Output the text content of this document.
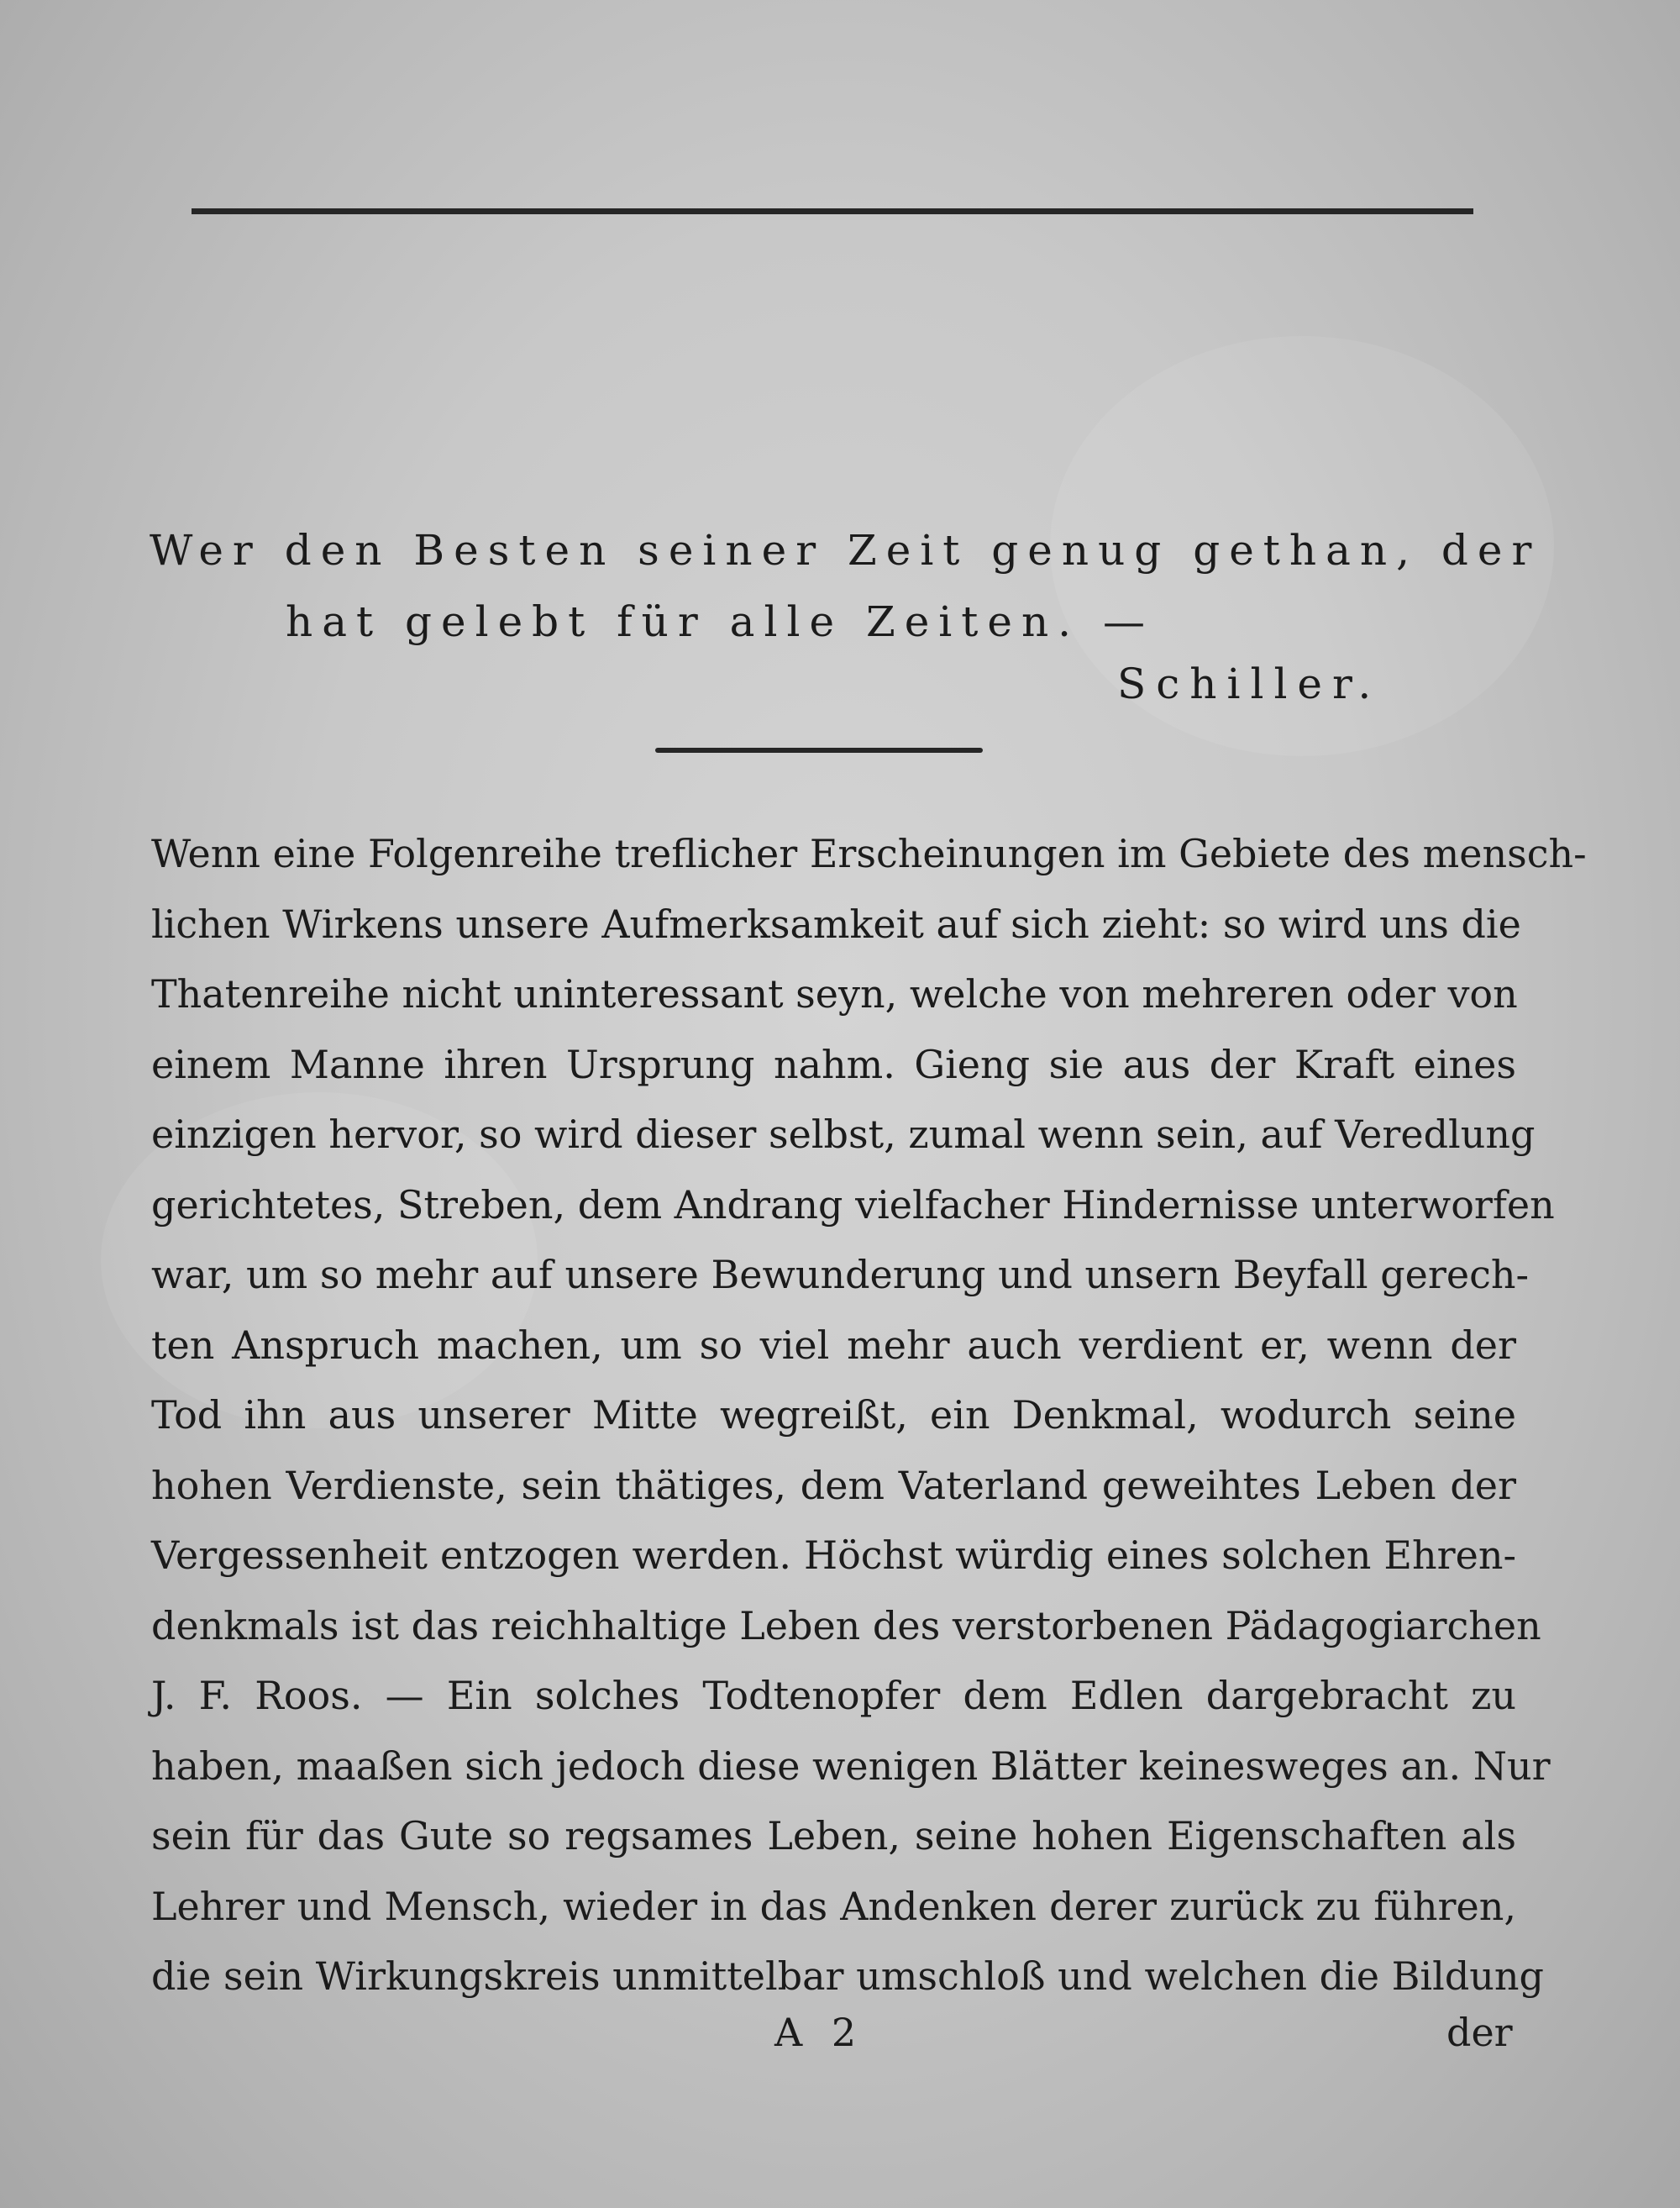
Wer den Besten seiner Zeit genug gethan, der
hat gelebt für alle Zeiten. —
Schiller.
Wenn eine Folgenreihe treflicher Erscheinungen im Gebiete des mensch-
lichen Wirkens unsere Aufmerksamkeit auf sich zieht: so wird uns die
Thatenreihe nicht uninteressant seyn, welche von mehreren oder von
einem Manne ihren Ursprung nahm. Gieng sie aus der Kraft eines
einzigen hervor, so wird dieser selbst, zumal wenn sein, auf Veredlung
gerichtetes, Streben, dem Andrang vielfacher Hindernisse unterworfen
war, um so mehr auf unsere Bewunderung und unsern Beyfall gerech-
ten Anspruch machen, um so viel mehr auch verdient er, wenn der
Tod ihn aus unserer Mitte wegreißt, ein Denkmal, wodurch seine
hohen Verdienste, sein thätiges, dem Vaterland geweihtes Leben der
Vergessenheit entzogen werden. Höchst würdig eines solchen Ehren-
denkmals ist das reichhaltige Leben des verstorbenen Pädagogiarchen
J. F. Roos. — Ein solches Todtenopfer dem Edlen dargebracht zu
haben, maaßen sich jedoch diese wenigen Blätter keinesweges an. Nur
sein für das Gute so regsames Leben, seine hohen Eigenschaften als
Lehrer und Mensch, wieder in das Andenken derer zurück zu führen,
die sein Wirkungskreis unmittelbar umschloß und welchen die Bildung
A 2	der
